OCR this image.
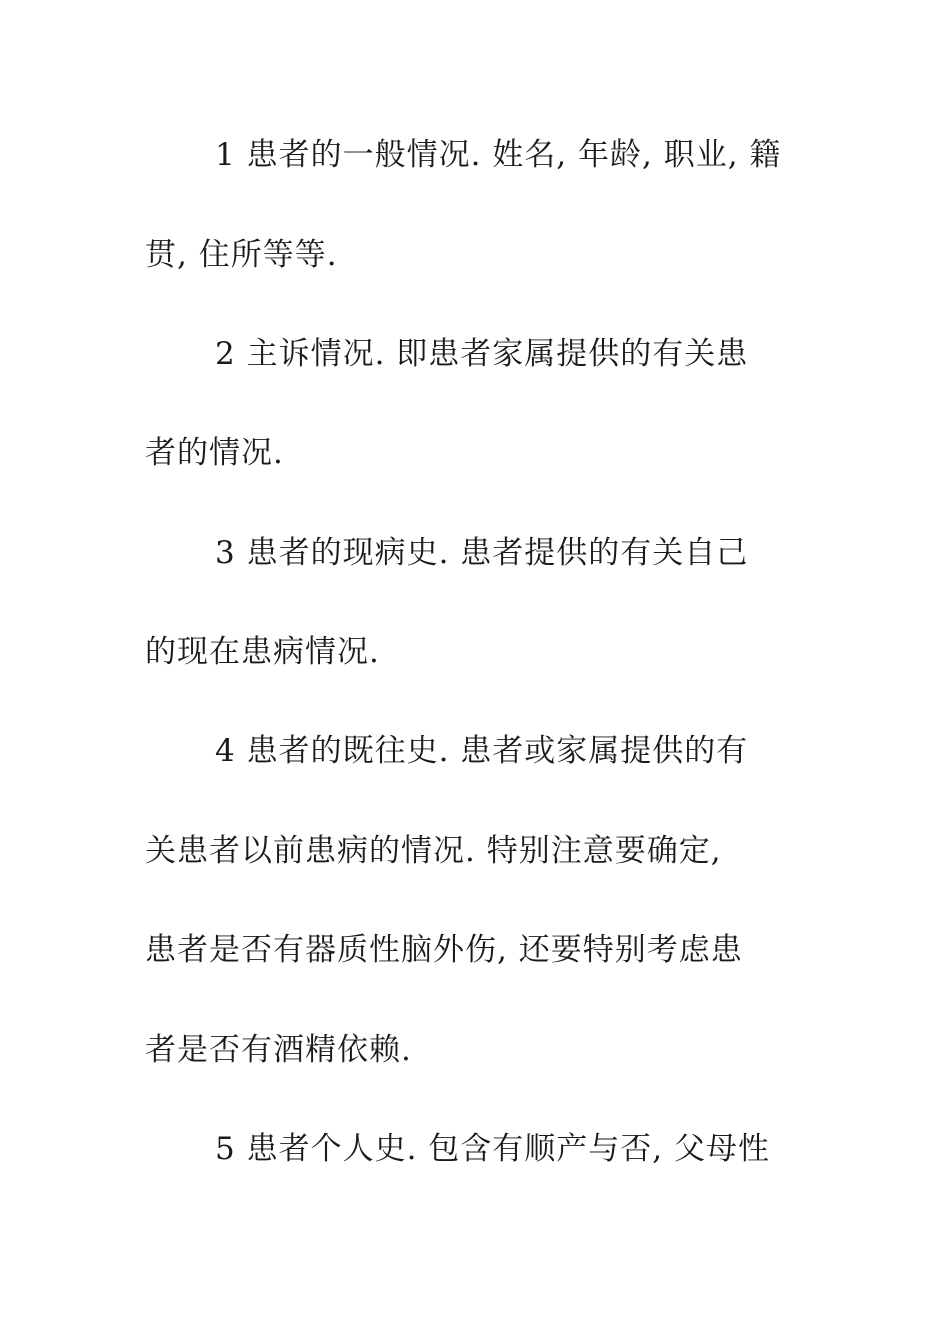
1 患者的一般情况. 姓名, 年龄, 职业, 籍
贯, 住所等等.
2 主诉情况. 即患者家属提供的有关患
者的情况.
3 患者的现病史. 患者提供的有关自己
的现在患病情况.
4 患者的既往史. 患者或家属提供的有
关患者以前患病的情况. 特别注意要确定,
患者是否有器质性脑外伤, 还要特别考虑患
者是否有酒精依赖.
5 患者个人史. 包含有顺产与否, 父母性
